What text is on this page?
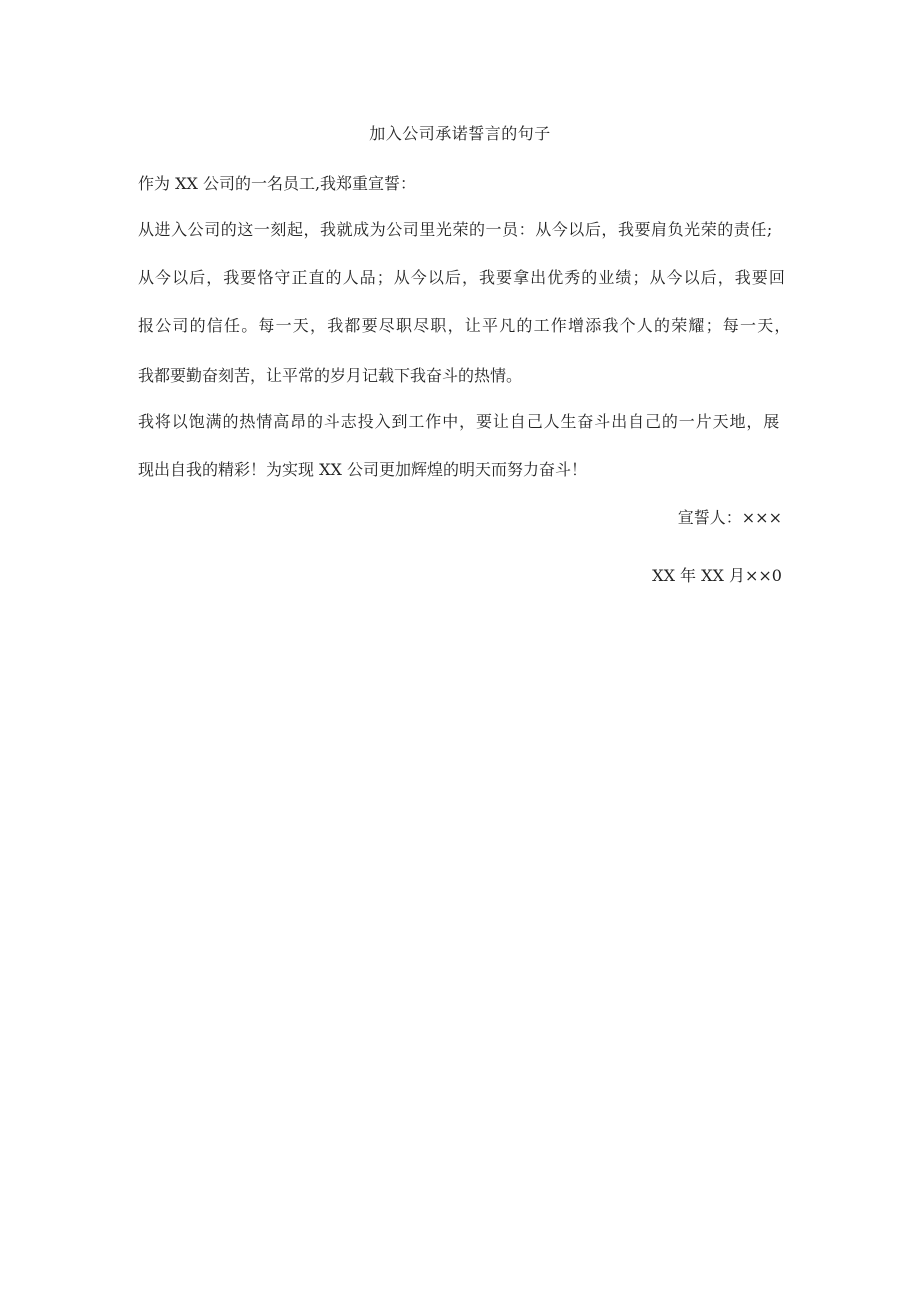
加入公司承诺誓言的句子
作为 XX 公司的一名员工,我郑重宣誓：
从进入公司的这一刻起，我就成为公司里光荣的一员：从今以后，我要肩负光荣的责任;
从今以后，我要恪守正直的人品；从今以后，我要拿出优秀的业绩；从今以后，我要回
报公司的信任。每一天，我都要尽职尽职，让平凡的工作增添我个人的荣耀；每一天，
我都要勤奋刻苦，让平常的岁月记载下我奋斗的热情。
我将以饱满的热情高昂的斗志投入到工作中，要让自己人生奋斗出自己的一片天地，展
现出自我的精彩！为实现 XX 公司更加辉煌的明天而努力奋斗！
宣誓人：×××
XX 年 XX 月××0
